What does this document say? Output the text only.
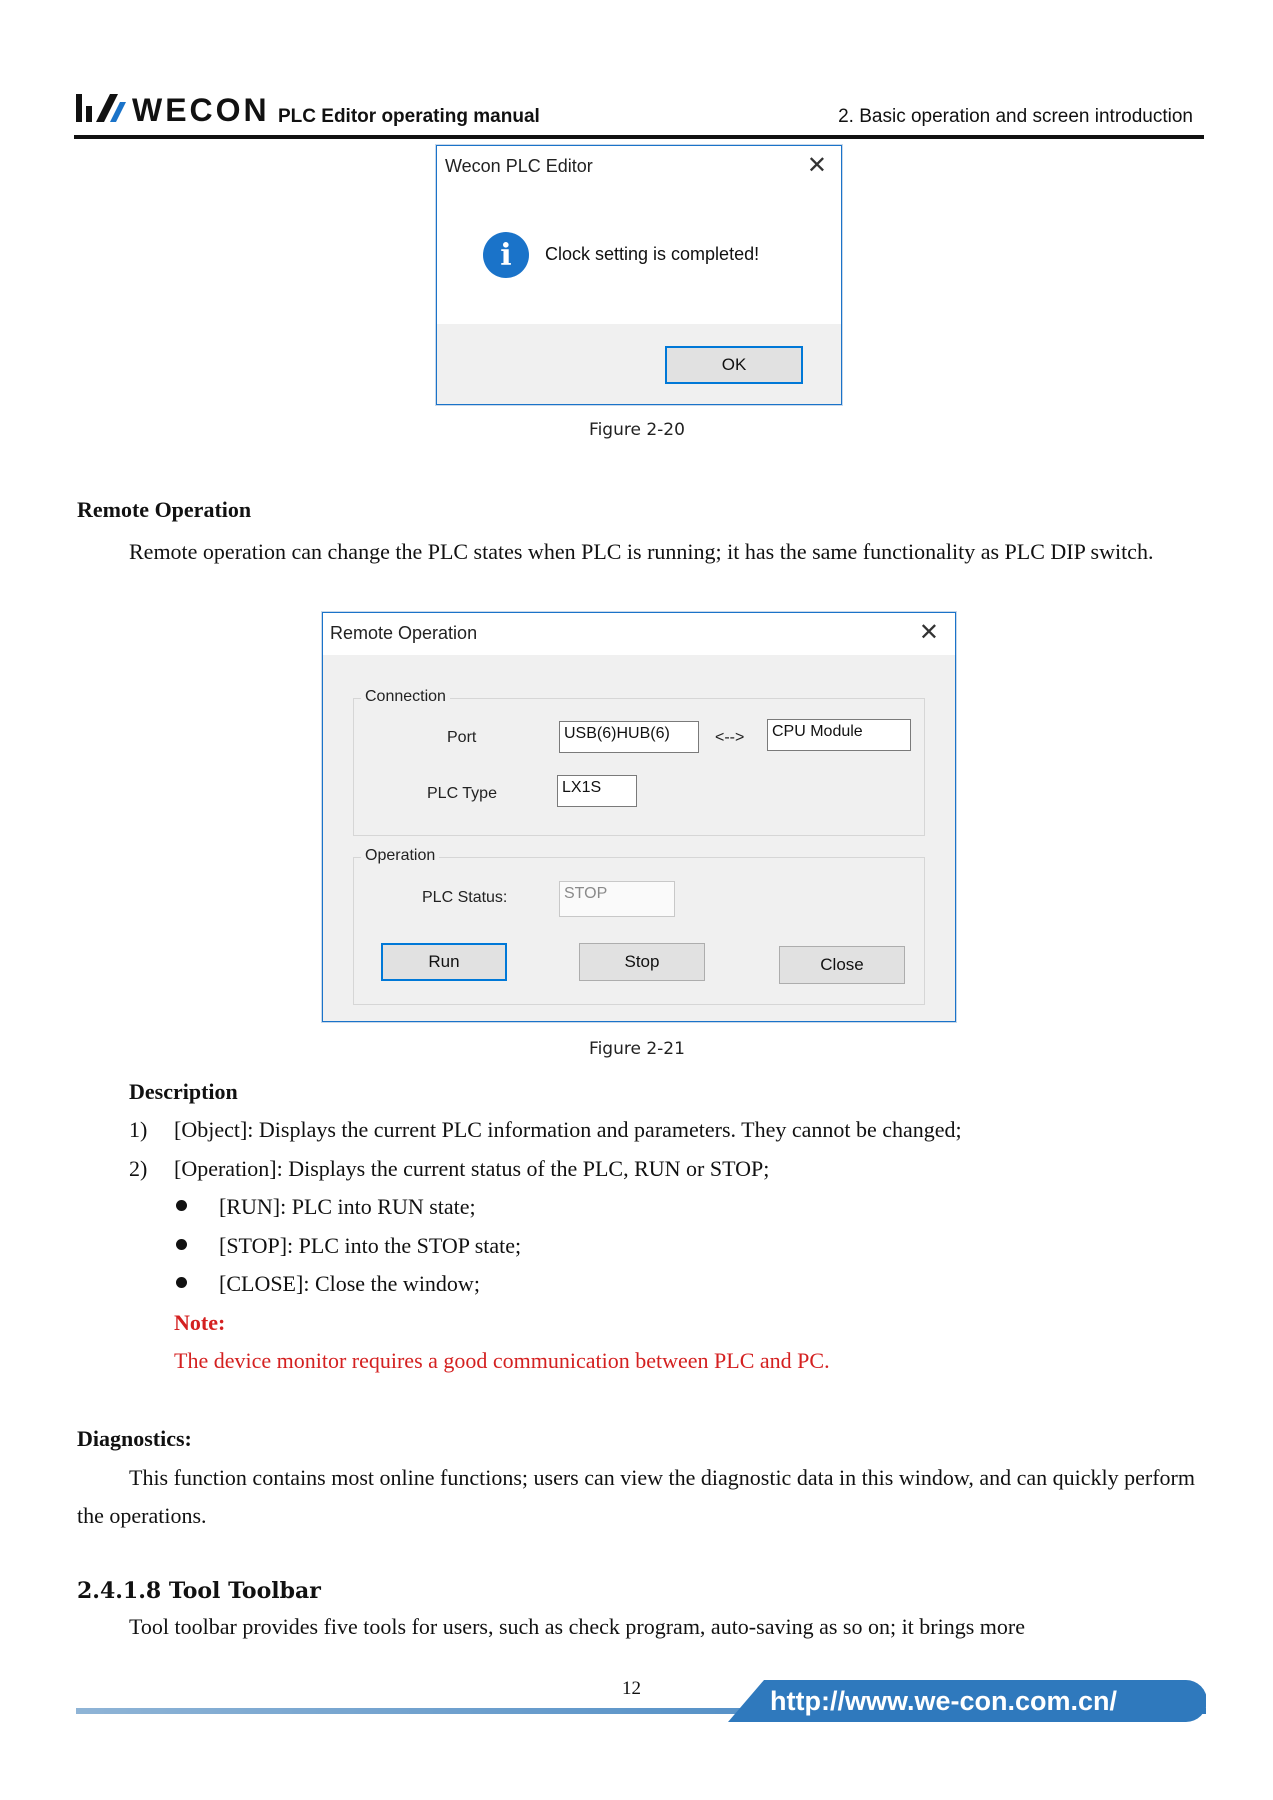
WECON PLC Editor operating manual	2. Basic operation and screen introduction
Wecon PLC Editor	✕
i	Clock setting is completed!
OK
Figure 2-20
Remote Operation
Remote operation can change the PLC states when PLC is running; it has the same functionality as PLC DIP switch.
Remote Operation	✕
Connection
Port	USB(6)HUB(6)	<-->	CPU Module
PLC Type	LX1S
Operation
PLC Status:	STOP
Run	Stop	Close
Figure 2-21
Description
1) [Object]: Displays the current PLC information and parameters. They cannot be changed;
2) [Operation]: Displays the current status of the PLC, RUN or STOP;
[RUN]: PLC into RUN state;
[STOP]: PLC into the STOP state;
[CLOSE]: Close the window;
Note:
The device monitor requires a good communication between PLC and PC.
Diagnostics:
This function contains most online functions; users can view the diagnostic data in this window, and can quickly perform the operations.
2.4.1.8 Tool Toolbar
Tool toolbar provides five tools for users, such as check program, auto-saving as so on; it brings more
12	http://www.we-con.com.cn/
